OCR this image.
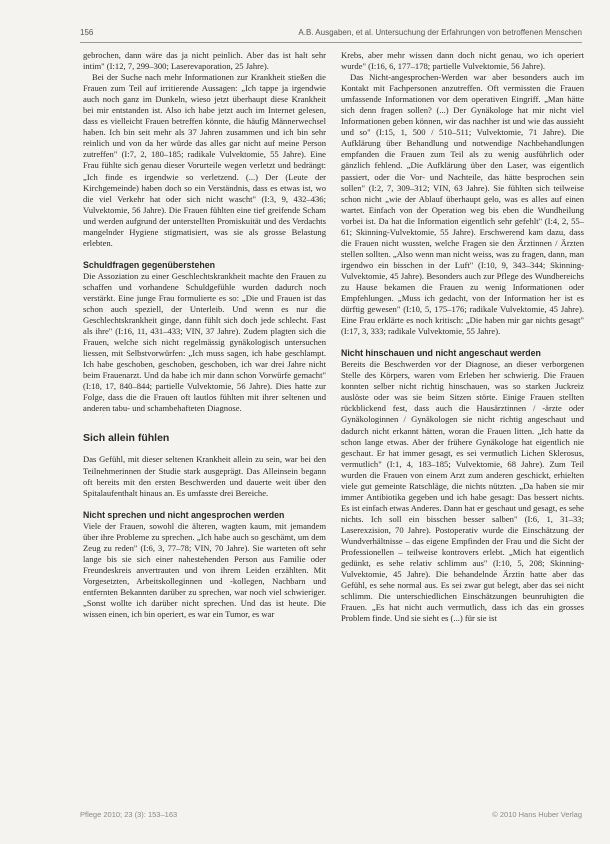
156	A.B. Ausgaben, et al. Untersuchung der Erfahrungen von betroffenen Menschen

gebrochen, dann wäre das ja nicht peinlich. Aber das ist halt sehr intim" (I:12, 7, 299–300; Laserevaporation, 25 Jahre).

Bei der Suche nach mehr Informationen zur Krankheit stießen die Frauen zum Teil auf irritierende Aussagen: „Ich tappe ja irgendwie auch noch ganz im Dunkeln, wieso jetzt überhaupt diese Krankheit bei mir entstanden ist. Also ich habe jetzt auch im Internet gelesen, dass es vielleicht Frauen betreffen könnte, die häufig Männerwechsel haben. Ich bin seit mehr als 37 Jahren zusammen und ich bin sehr reinlich und von da her würde das alles gar nicht auf meine Person zutreffen" (I:7, 2, 180–185; radikale Vulvektomie, 55 Jahre). Eine Frau fühlte sich genau dieser Vorurteile wegen verletzt und bedrängt: „Ich finde es irgendwie so verletzend. (...) Der (Leute der Kirchgemeinde) haben doch so ein Verständnis, dass es etwas ist, wo die viel Verkehr hat oder sich nicht wascht" (I:3, 9, 432–436; Vulvektomie, 56 Jahre). Die Frauen fühlten eine tief greifende Scham und werden aufgrund der unterstellten Promiskuität und des Verdachts mangelnder Hygiene stigmatisiert, was sie als grosse Belastung erlebten.

Schuldfragen gegenüberstehen

Die Assoziation zu einer Geschlechtskrankheit machte den Frauen zu schaffen und vorhandene Schuldgefühle wurden dadurch noch verstärkt. Eine junge Frau formulierte es so: „Die und Frauen ist das schon auch speziell, der Unterleib. Und wenn es nur die Geschlechtskrankheit ginge, dann fühlt sich doch jede schlecht. Fast als ihre" (I:16, 11, 431–433; VIN, 37 Jahre). Zudem plagten sich die Frauen, welche sich nicht regelmässig gynäkologisch untersuchen liessen, mit Selbstvorwürfen: „Ich muss sagen, ich habe geschlampt. Ich habe geschoben, geschoben, geschoben, ich war drei Jahre nicht beim Frauenarzt. Und da habe ich mir dann schon Vorwürfe gemacht" (I:18, 17, 840–844; partielle Vulvektomie, 56 Jahre). Dies hatte zur Folge, dass die die Frauen oft lautlos fühlten mit ihrer seltenen und anderen tabu- und schambehafteten Diagnose.

Sich allein fühlen

Das Gefühl, mit dieser seltenen Krankheit allein zu sein, war bei den Teilnehmerinnen der Studie stark ausgeprägt. Das Alleinsein begann oft bereits mit den ersten Beschwerden und dauerte weit über den Spitalaufenthalt hinaus an. Es umfasste drei Bereiche.

Nicht sprechen und nicht angesprochen werden

Viele der Frauen, sowohl die älteren, wagten kaum, mit jemandem über ihre Probleme zu sprechen. „Ich habe auch so geschämt, um dem Zeug zu reden" (I:6, 3, 77–78; VIN, 70 Jahre). Sie warteten oft sehr lange bis sie sich einer nahestehenden Person aus Familie oder Freundeskreis anvertrauten und von ihrem Leiden erzählten. Mit Vorgesetzten, Arbeitskolleginnen und -kollegen, Nachbarn und entfernten Bekannten darüber zu sprechen, war noch viel schwieriger. „Sonst wollte ich darüber nicht sprechen. Und das ist heute. Die wissen einen, ich bin operiert, es war ein Tumor, es war

Krebs, aber mehr wissen dann doch nicht genau, wo ich operiert wurde" (I:16, 6, 177–178; partielle Vulvektomie, 56 Jahre).

Das Nicht-angesprochen-Werden war aber besonders auch im Kontakt mit Fachpersonen anzutreffen. Oft vermissten die Frauen umfassende Informationen vor dem operativen Eingriff. „Man hätte sich denn fragen sollen? (...) Der Gynäkologe hat mir nicht viel Informationen geben können, wir das nachher ist und wie das aussieht und so" (I:15, 1, 500 / 510–511; Vulvektomie, 71 Jahre). Die Aufklärung über Behandlung und notwendige Nachbehandlungen empfanden die Frauen zum Teil als zu wenig ausführlich oder gänzlich fehlend. „Die Aufklärung über den Laser, was eigentlich passiert, oder die Vor- und Nachteile, das hätte besprochen sein sollen" (I:2, 7, 309–312; VIN, 63 Jahre). Sie fühlten sich teilweise schon nicht „wie der Ablauf überhaupt gelo, was es alles auf einen wartet. Einfach von der Operation weg bis eben die Wundheilung vorbei ist. Da hat die Information eigentlich sehr gefehlt" (I:4, 2, 55–61; Skinning-Vulvektomie, 55 Jahre). Erschwerend kam dazu, dass die Frauen nicht wussten, welche Fragen sie den Ärztinnen / Ärzten stellen sollten. „Also wenn man nicht weiss, was zu fragen, dann, man irgendwo ein bisschen in der Luft" (I:10, 9, 343–344; Skinning-Vulvektomie, 45 Jahre). Besonders auch zur Pflege des Wundbereichs zu Hause bekamen die Frauen zu wenig Informationen oder Empfehlungen. „Muss ich gedacht, von der Information her ist es dürftig gewesen" (I:10, 5, 175–176; radikale Vulvektomie, 45 Jahre). Eine Frau erklärte es noch kritisch: „Die haben mir gar nichts gesagt" (I:17, 3, 333; radikale Vulvektomie, 55 Jahre).

Nicht hinschauen und nicht angeschaut werden

Bereits die Beschwerden vor der Diagnose, an dieser verborgenen Stelle des Körpers, waren vom Erleben her schwierig. Die Frauen konnten selber nicht richtig hinschauen, was so starken Juckreiz auslöste oder was sie beim Sitzen störte. Einige Frauen stellten rückblickend fest, dass auch die Hausärztinnen / -ärzte oder Gynäkologinnen / Gynäkologen sie nicht richtig angeschaut und dadurch nicht erkannt hätten, woran die Frauen litten. „Ich hatte da schon lange etwas. Aber der frühere Gynäkologe hat eigentlich nie geschaut. Er hat immer gesagt, es sei vermutlich Lichen Sklerosus, vermutlich" (I:1, 4, 183–185; Vulvektomie, 68 Jahre). Zum Teil wurden die Frauen von einem Arzt zum anderen geschickt, erhielten viele gut gemeinte Ratschläge, die nichts nützten. „Da haben sie mir immer Antibiotika gegeben und ich habe gesagt: Das bessert nichts. Es ist einfach etwas Anderes. Dann hat er geschaut und gesagt, es sehe nichts. Ich soll ein bisschen besser salben" (I:6, 1, 31–33; Laserexzision, 70 Jahre). Postoperativ wurde die Einschätzung der Wundverhältnisse – das eigene Empfinden der Frau und die Sicht der Professionellen – teilweise kontrovers erlebt. „Mich hat eigentlich gedünkt, es sehe relativ schlimm aus" (I:10, 5, 208; Skinning-Vulvektomie, 45 Jahre). Die behandelnde Ärztin hatte aber das Gefühl, es sehe normal aus. Es sei zwar gut belegt, aber das sei nicht schlimm. Die unterschiedlichen Einschätzungen beunruhigten die Frauen. „Es hat nicht auch vermutlich, dass ich das ein grosses Problem finde. Und sie sieht es (...) für sie ist

Pflege 2010; 23 (3): 153–163	© 2010 Hans Huber Verlag
